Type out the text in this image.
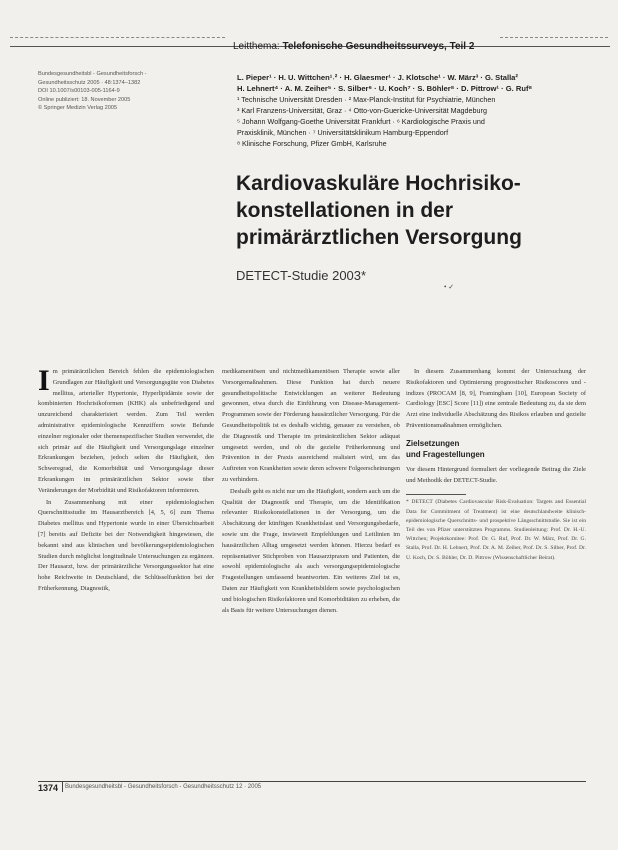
Leitthema: Telefonische Gesundheitssurveys, Teil 2
Bundesgesundheitsbl - Gesundheitsforsch -
Gesundheitsschutz 2005 · 48:1374–1382
DOI 10.1007/s00103-005-1164-9
Online publiziert: 18. November 2005
© Springer Medizin Verlag 2005
L. Pieper¹ · H. U. Wittchen¹˒² · H. Glaesmer¹ · J. Klotsche¹ · W. März³ · G. Stalla²
H. Lehnert⁴ · A. M. Zeiher⁵ · S. Silber⁶ · U. Koch⁷ · S. Böhler⁸ · D. Pittrow¹ · G. Ruf⁸
¹ Technische Universität Dresden · ² Max-Planck-Institut für Psychiatrie, München
³ Karl Franzens-Universität, Graz · ⁴ Otto-von-Guericke-Universität Magdeburg
⁵ Johann Wolfgang-Goethe Universität Frankfurt · ⁶ Kardiologische Praxis und
Praxisklinik, München · ⁷ Universitätsklinikum Hamburg-Eppendorf
⁸ Klinische Forschung, Pfizer GmbH, Karlsruhe
Kardiovaskuläre Hochrisiko-
konstellationen in der
primärärztlichen Versorgung
DETECT-Studie 2003*
• ✓

Im primärärztlichen Bereich fehlen die epidemiologischen Grundlagen zur Häufigkeit und Versorgungsgüte von Diabetes mellitus, arterieller Hypertonie, Hyperlipidämie sowie der kombinierten Hochrisikoformen (KHK) als unbefriedigend und unzureichend charakterisiert werden. Zum Teil werden administrative epidemiologische Kennziffern sowie Befunde einzelner regionaler oder themenspezifischer Studien verwendet, die sich primär auf die Häufigkeit und Versorgungslage einzelner Erkrankungen beziehen, jedoch selten die Häufigkeit, den Schweregrad, die Komorbidität und Versorgungslage dieser Erkrankungen im primärärztlichen Sektor sowie über Veränderungen der Morbidität und Risikofaktoren informieren.

In Zusammenhang mit einer epidemiologischen Querschnittsstudie im Hausarztbereich [4, 5, 6] zum Thema Diabetes mellitus und Hypertonie wurde in einer Übersichtsarbeit [7] bereits auf Defizite bei der Notwendigkeit hingewiesen, die bekannt sind aus klinischen und bevölkerungsepidemiologischen Studien durch möglichst longitudinale Untersuchungen zu ergänzen. Der Hausarzt, bzw. der primärärztliche Versorgungssektor hat eine hohe Reichweite in Deutschland, die Schlüsselfunktion bei der Früherkennung, Diagnostik,

medikamentösen und nichtmedikamentösen Therapie sowie aller Vorsorgemaßnahmen. Diese Funktion hat durch neuere gesundheitspolitische Entwicklungen an weiterer Bedeutung gewonnen, etwa durch die Einführung von Disease-Management-Programmen sowie der Förderung hausärztlicher Versorgung. Für die Gesundheitspolitik ist es deshalb wichtig, genauer zu verstehen, ob die Diagnostik und Therapie im primärärztlichen Sektor adäquat umgesetzt werden, und ob die gezielte Früherkennung und Prävention in der Praxis ausreichend realisiert wird, um das Auftreten von Krankheiten sowie deren schwere Folgeerscheinungen zu verhindern.

Deshalb geht es nicht nur um die Häufigkeit, sondern auch um die Qualität der Diagnostik und Therapie, um die Identifikation relevanter Risikokonstellationen in der Versorgung, um die Abschätzung der künftigen Krankheitslast und Versorgungsbedarfe, sowie um die Frage, inwieweit Empfehlungen und Leitlinien im hausärztlichen Alltag umgesetzt werden können. Hierzu bedarf es repräsentativer Stichproben von Hausarztpraxen und Patienten, die sowohl epidemiologische als auch versorgungsepidemiologische Fragestellungen umfassend beantworten. Ein weiteres Ziel ist es, Daten zur Häufigkeit von Krankheitsbildern sowie psychologischen und biologischen Risikofaktoren und Komorbiditäten zu erheben, die als Basis für weitere Untersuchungen dienen.

In diesem Zusammenhang kommt der Untersuchung der Risikofaktoren und Optimierung prognostischer Risikoscores und -indizes (PROCAM [8, 9], Framingham [10], European Society of Cardiology [ESC] Score [11]) eine zentrale Bedeutung zu, da sie dem Arzt eine individuelle Abschätzung des Risikos erlauben und gezielte Präventionsmaßnahmen ermöglichen.

Zielsetzungen
und Fragestellungen

Vor diesem Hintergrund formuliert der vorliegende Beitrag die Ziele und Methodik der DETECT-Studie.

* DETECT (Diabetes Cardiovascular Risk-Evaluation: Targets and Essential Data for Commitment of Treatment) ist eine deutschlandweite klinisch-epidemiologische Querschnitts- und prospektive Längsschnittstudie. Sie ist ein Teil des von Pfizer unterstützten Programms. Studienleitung: Prof. Dr. H.-U. Wittchen; Projektkomitee: Prof. Dr. G. Ruf, Prof. Dr. W. März, Prof. Dr. G. Stalla, Prof. Dr. H. Lehnert, Prof. Dr. A. M. Zeiher, Prof. Dr. S. Silber, Prof. Dr. U. Koch, Dr. S. Böhler, Dr. D. Pittrow (Wissenschaftlicher Beirat).
1374 Bundesgesundheitsbl - Gesundheitsforsch - Gesundheitsschutz 12 · 2005
